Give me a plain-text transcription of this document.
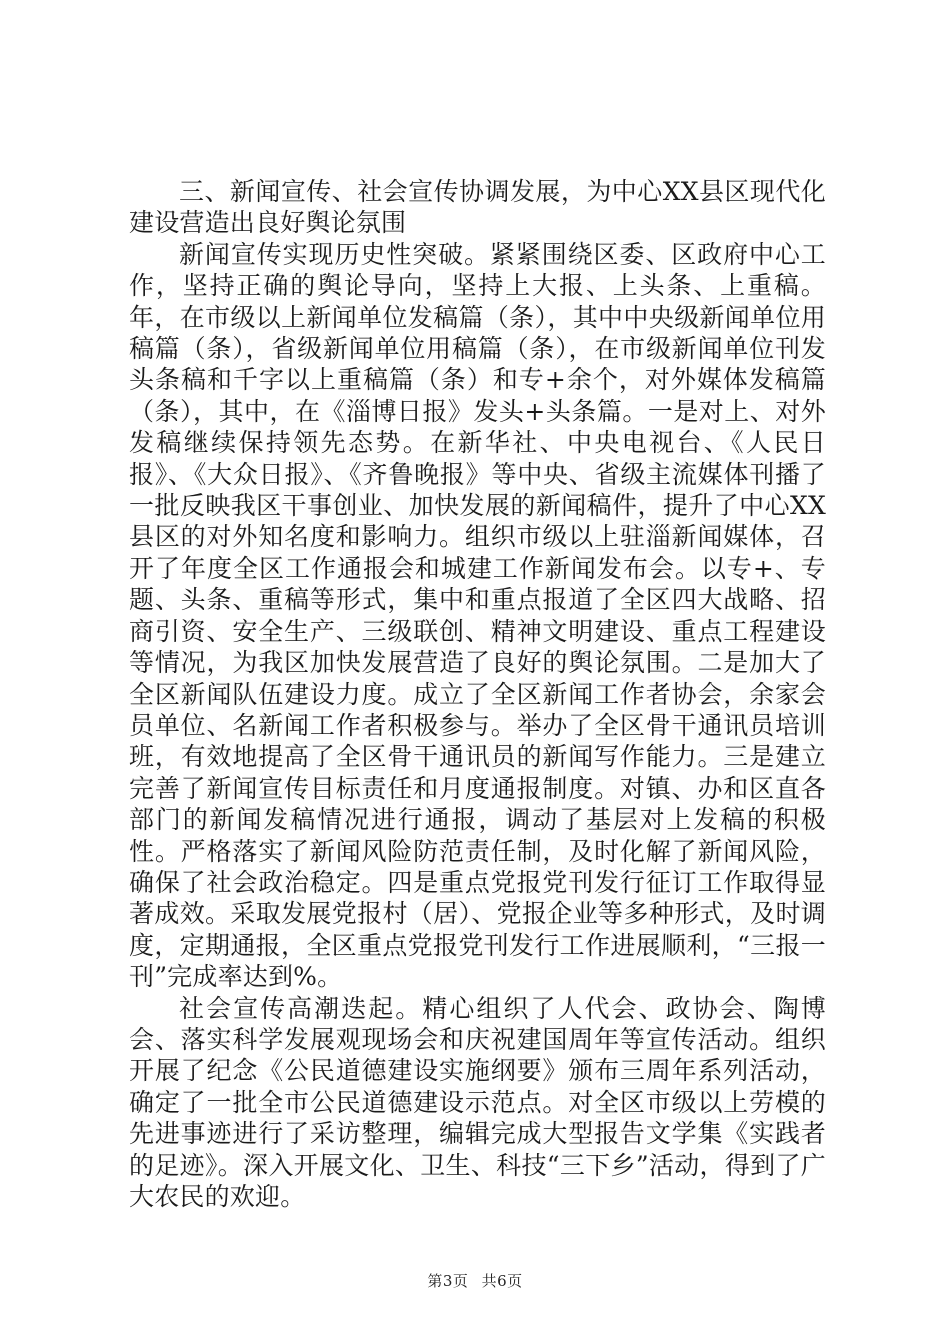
三、新闻宣传、社会宣传协调发展，为中心XX县区现代化建设营造出良好舆论氛围

新闻宣传实现历史性突破。紧紧围绕区委、区政府中心工作，坚持正确的舆论导向，坚持上大报、上头条、上重稿。年，在市级以上新闻单位发稿篇（条），其中中央级新闻单位用稿篇（条），省级新闻单位用稿篇（条），在市级新闻单位刊发头条稿和千字以上重稿篇（条）和专+余个，对外媒体发稿篇（条），其中，在《淄博日报》发头+头条篇。一是对上、对外发稿继续保持领先态势。在新华社、中央电视台、《人民日报》、《大众日报》、《齐鲁晚报》等中央、省级主流媒体刊播了一批反映我区干事创业、加快发展的新闻稿件，提升了中心XX县区的对外知名度和影响力。组织市级以上驻淄新闻媒体，召开了年度全区工作通报会和城建工作新闻发布会。以专+、专题、头条、重稿等形式，集中和重点报道了全区四大战略、招商引资、安全生产、三级联创、精神文明建设、重点工程建设等情况，为我区加快发展营造了良好的舆论氛围。二是加大了全区新闻队伍建设力度。成立了全区新闻工作者协会，余家会员单位、名新闻工作者积极参与。举办了全区骨干通讯员培训班，有效地提高了全区骨干通讯员的新闻写作能力。三是建立完善了新闻宣传目标责任和月度通报制度。对镇、办和区直各部门的新闻发稿情况进行通报，调动了基层对上发稿的积极性。严格落实了新闻风险防范责任制，及时化解了新闻风险，确保了社会政治稳定。四是重点党报党刊发行征订工作取得显著成效。采取发展党报村（居）、党报企业等多种形式，及时调度，定期通报，全区重点党报党刊发行工作进展顺利，“三报一刊”完成率达到%。

社会宣传高潮迭起。精心组织了人代会、政协会、陶博会、落实科学发展观现场会和庆祝建国周年等宣传活动。组织开展了纪念《公民道德建设实施纲要》颁布三周年系列活动，确定了一批全市公民道德建设示范点。对全区市级以上劳模的先进事迹进行了采访整理，编辑完成大型报告文学集《实践者的足迹》。深入开展文化、卫生、科技“三下乡”活动，得到了广大农民的欢迎。

第3页 共6页
